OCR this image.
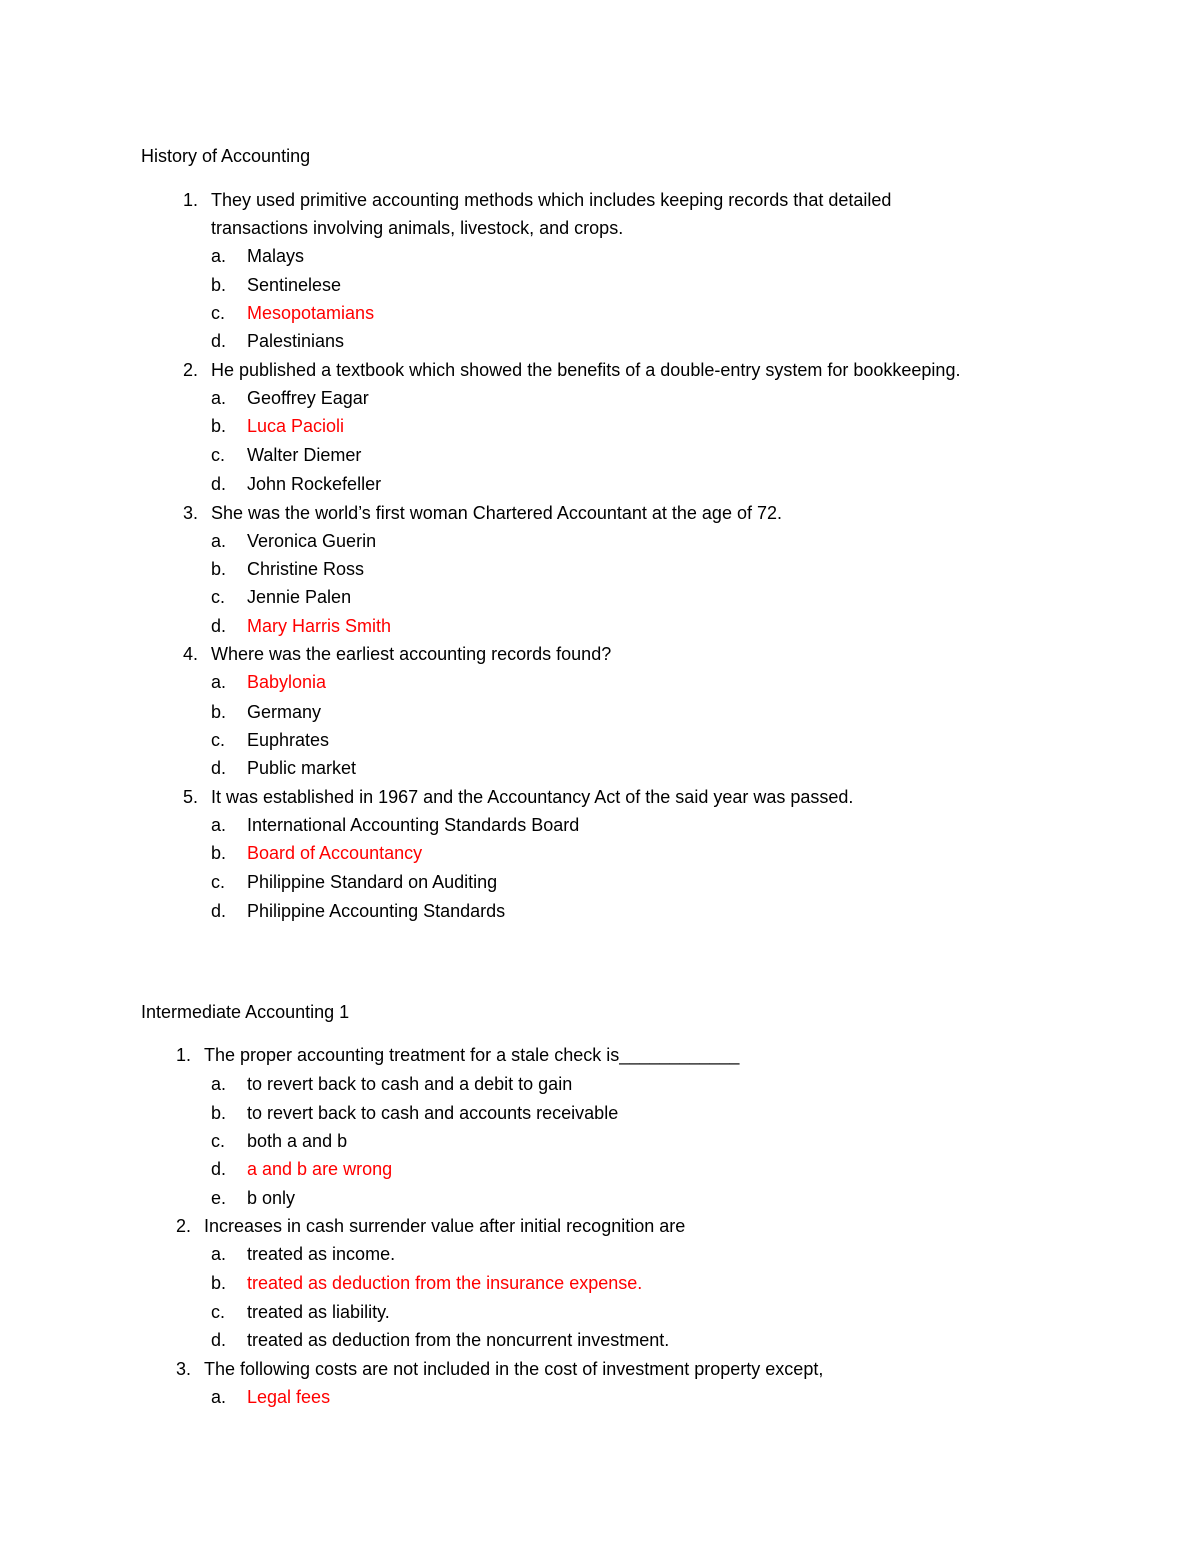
History of Accounting
1. They used primitive accounting methods which includes keeping records that detailed
transactions involving animals, livestock, and crops.
a. Malays
b. Sentinelese
c. Mesopotamians
d. Palestinians
2. He published a textbook which showed the benefits of a double-entry system for bookkeeping.
a. Geoffrey Eagar
b. Luca Pacioli
c. Walter Diemer
d. John Rockefeller
3. She was the world’s first woman Chartered Accountant at the age of 72.
a. Veronica Guerin
b. Christine Ross
c. Jennie Palen
d. Mary Harris Smith
4. Where was the earliest accounting records found?
a. Babylonia
b. Germany
c. Euphrates
d. Public market
5. It was established in 1967 and the Accountancy Act of the said year was passed.
a. International Accounting Standards Board
b. Board of Accountancy
c. Philippine Standard on Auditing
d. Philippine Accounting Standards
Intermediate Accounting 1
1. The proper accounting treatment for a stale check is____________
a. to revert back to cash and a debit to gain
b. to revert back to cash and accounts receivable
c. both a and b
d. a and b are wrong
e. b only
2. Increases in cash surrender value after initial recognition are
a. treated as income.
b. treated as deduction from the insurance expense.
c. treated as liability.
d. treated as deduction from the noncurrent investment.
3. The following costs are not included in the cost of investment property except,
a. Legal fees
